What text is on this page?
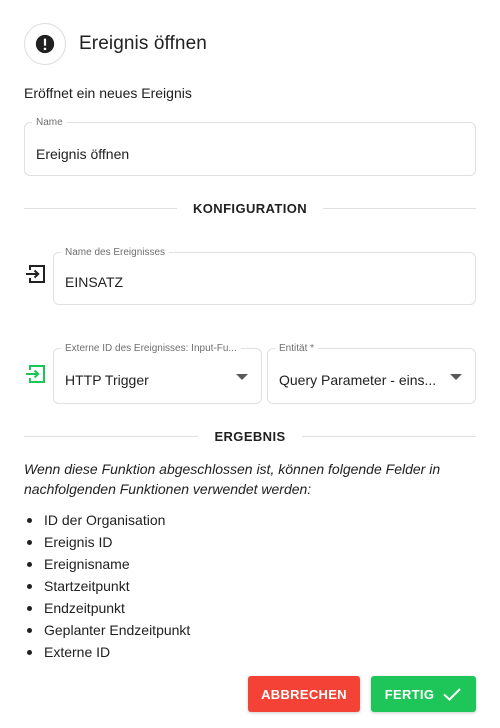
Ereignis öffnen
Eröffnet ein neues Ereignis
Name
Ereignis öffnen
KONFIGURATION
Name des Ereignisses
EINSATZ
Externe ID des Ereignisses: Input-Fu...
HTTP Trigger
Entität *
Query Parameter - eins...
ERGEBNIS
Wenn diese Funktion abgeschlossen ist, können folgende Felder in nachfolgenden Funktionen verwendet werden:
ID der Organisation
Ereignis ID
Ereignisname
Startzeitpunkt
Endzeitpunkt
Geplanter Endzeitpunkt
Externe ID
ABBRECHEN	FERTIG
